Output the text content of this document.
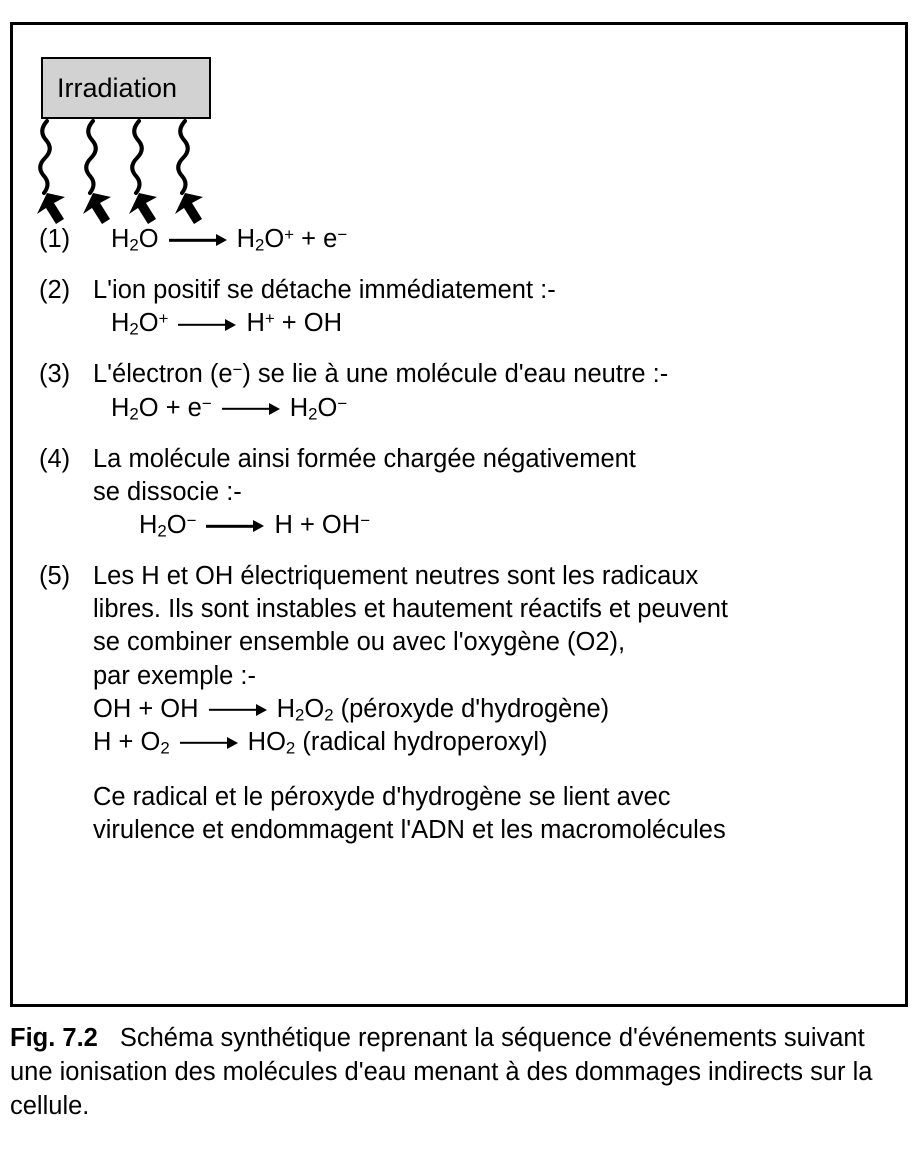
Irradiation
(1)	$H_2O$	$H_2O^+ + e^-$
(2) L'ion positif se détache immédiatement :-
$H_2O^+$	H+ + OH
(3) L'électron (e−) se lie à une molécule d'eau neutre :-
$H_2O + e^-$	$H_2O^-$
(4) La molécule ainsi formée chargée négativement
se dissocie :-
$H_2O^-$	H + OH−
(5) Les H et OH électriquement neutres sont les radicaux
libres. Ils sont instables et hautement réactifs et peuvent
se combiner ensemble ou avec l'oxygène (O2),
par exemple :-
OH + OH	$H_2O_2$ (péroxyde d'hydrogène)
$H + O_2$	$HO_2$ (radical hydroperoxyl)
Ce radical et le péroxyde d'hydrogène se lient avec
virulence et endommagent l'ADN et les macromolécules
Fig. 7.2 Schéma synthétique reprenant la séquence d'événements suivant une ionisation des molécules d'eau menant à des dommages indirects sur la cellule.
